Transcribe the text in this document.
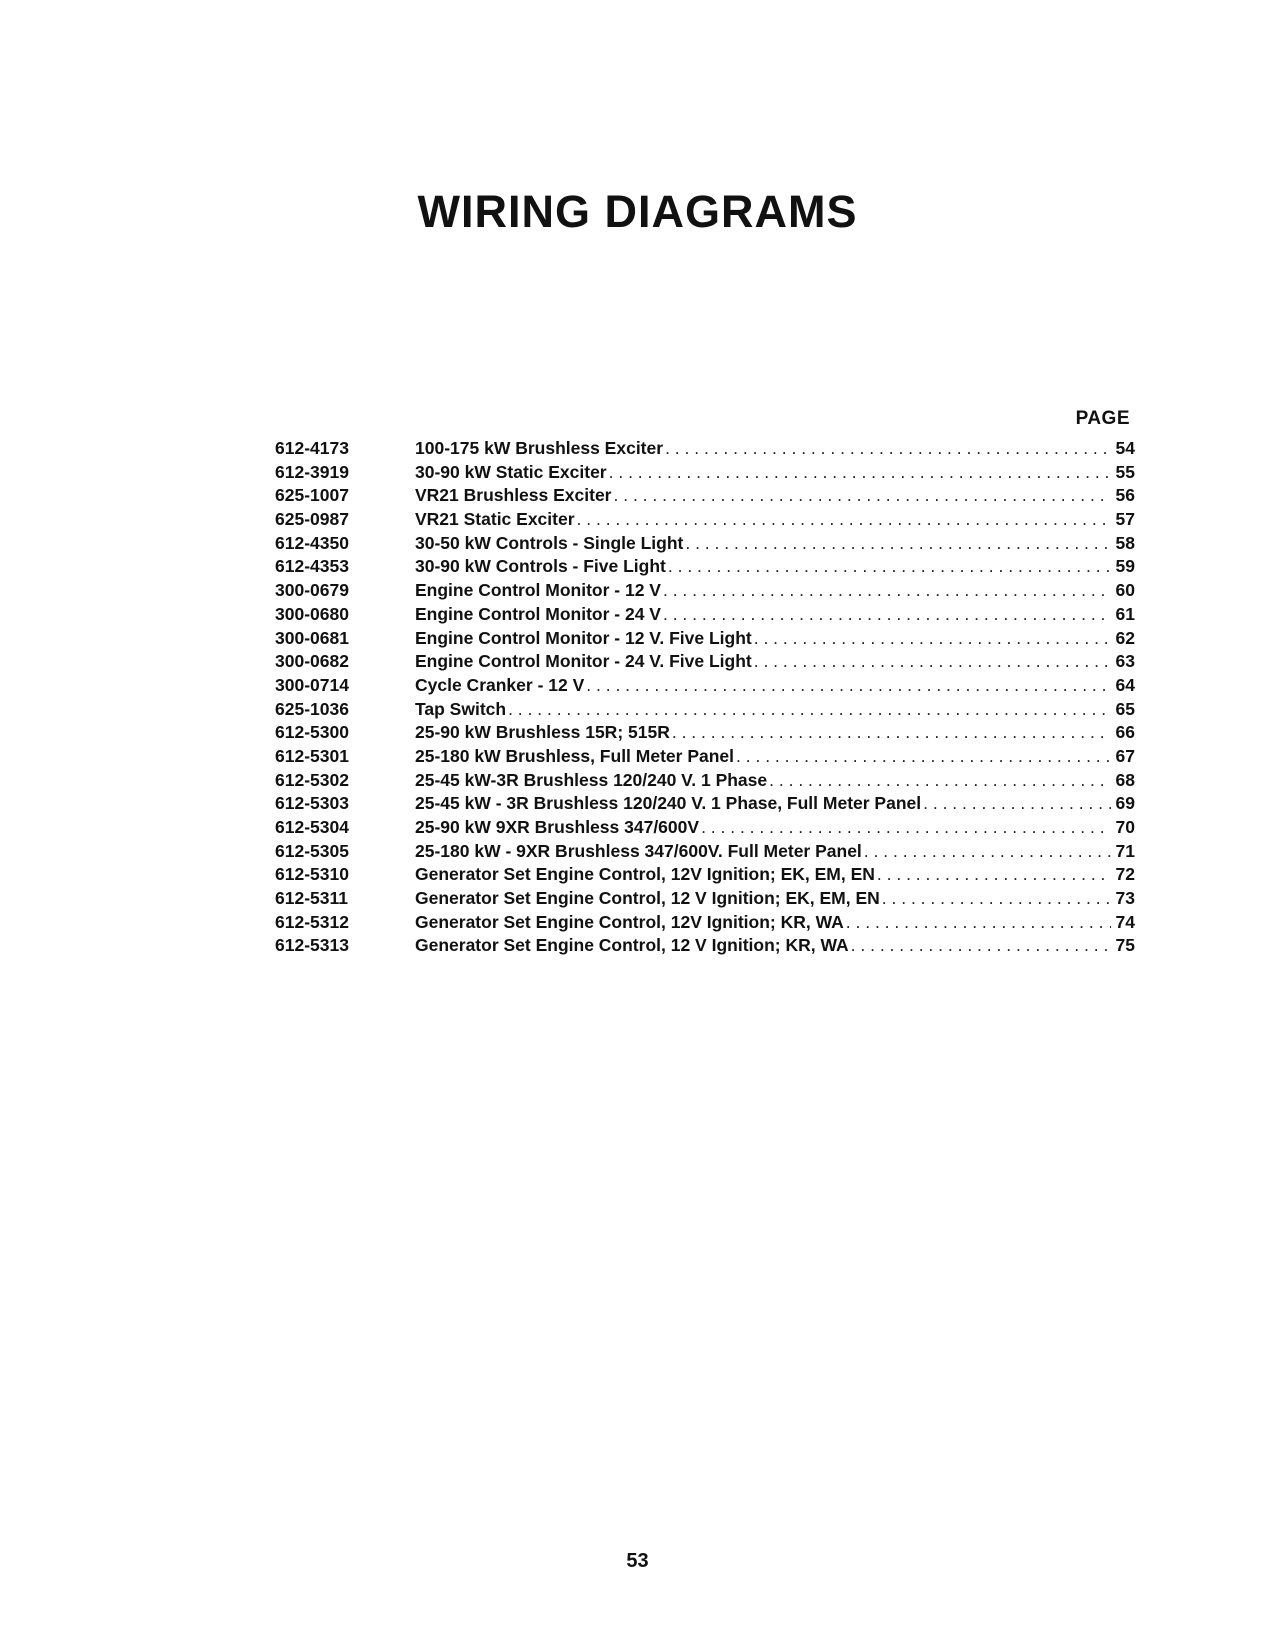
WIRING DIAGRAMS
PAGE
612-4173	100-175 kW Brushless Exciter . . .	54
612-3919	30-90 kW Static Exciter . . .	55
625-1007	VR21 Brushless Exciter . . .	56
625-0987	VR21 Static Exciter . . .	57
612-4350	30-50 kW Controls - Single Light . . .	58
612-4353	30-90 kW Controls - Five Light . . .	59
300-0679	Engine Control Monitor - 12 V . . .	60
300-0680	Engine Control Monitor - 24 V . . .	61
300-0681	Engine Control Monitor - 12 V. Five Light . . .	62
300-0682	Engine Control Monitor - 24 V. Five Light . . .	63
300-0714	Cycle Cranker - 12 V . . .	64
625-1036	Tap Switch . . .	65
612-5300	25-90 kW Brushless 15R; 515R . . .	66
612-5301	25-180 kW Brushless, Full Meter Panel . . .	67
612-5302	25-45 kW-3R Brushless 120/240 V. 1 Phase . . .	68
612-5303	25-45 kW - 3R Brushless 120/240 V. 1 Phase, Full Meter Panel . . .	69
612-5304	25-90 kW 9XR Brushless 347/600V . . .	70
612-5305	25-180 kW - 9XR Brushless 347/600V. Full Meter Panel . . .	71
612-5310	Generator Set Engine Control, 12V Ignition; EK, EM, EN . . .	72
612-5311	Generator Set Engine Control, 12 V Ignition; EK, EM, EN . . .	73
612-5312	Generator Set Engine Control, 12V Ignition; KR, WA . . .	74
612-5313	Generator Set Engine Control, 12 V Ignition; KR, WA . . .	75
53
